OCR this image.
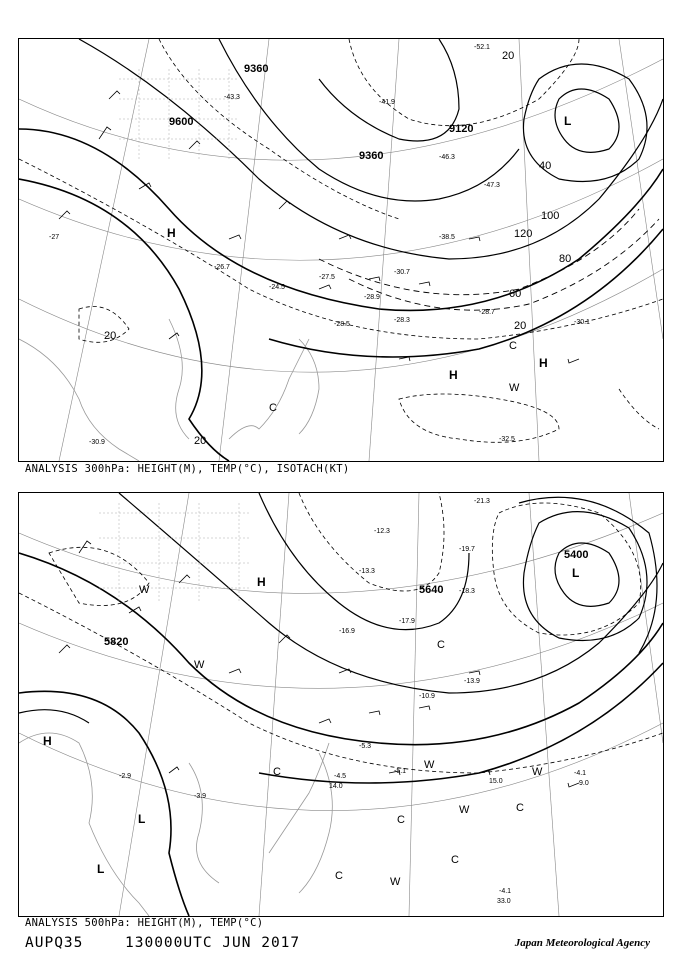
9360
9600
9360
9120
20
40
60
80
100
120
20
20
20
H
H
L
H
W
C
C
-52.1
-41.9
-43.3
-46.3
-47.3
-38.5
-30.7
-28.9
-28.3
-28.7
-30.1
-32.5
-28.5
-24.5
-26.7
-27.5
-30.9
-27
ANALYSIS 300hPa: HEIGHT(M), TEMP(°C), ISOTACH(KT)
5820
5400
5640
H
H
L
L
L
W
W
W
W
W
W
C
C
C
C
C
C
-21.3
-19.7
-18.3
-17.9
-16.9
-13.3
-12.3
-13.9
-10.9
-5.3
-5.1
-4.5	-4.1
-4.1
-3.9
-2.9
15.0
14.0	9.0
33.0
ANALYSIS 500hPa: HEIGHT(M), TEMP(°C)
AUPQ35	130000UTC JUN 2017	Japan Meteorological Agency
